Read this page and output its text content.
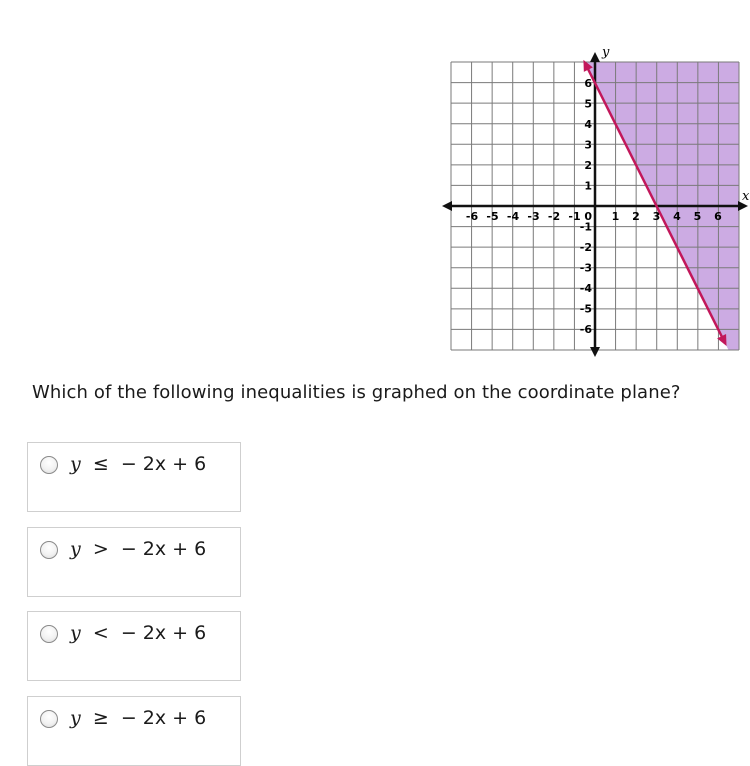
x
y
-6 -5 -4 -3 -2 -1	1 2 3 4 5 6
6
5
4
3
2
1
-1
-2
-3
-4
-5
-6
0
Which of the following inequalities is graphed on the coordinate plane?
y ≤ − 2x + 6
y > − 2x + 6
y < − 2x + 6
y ≥ − 2x + 6
